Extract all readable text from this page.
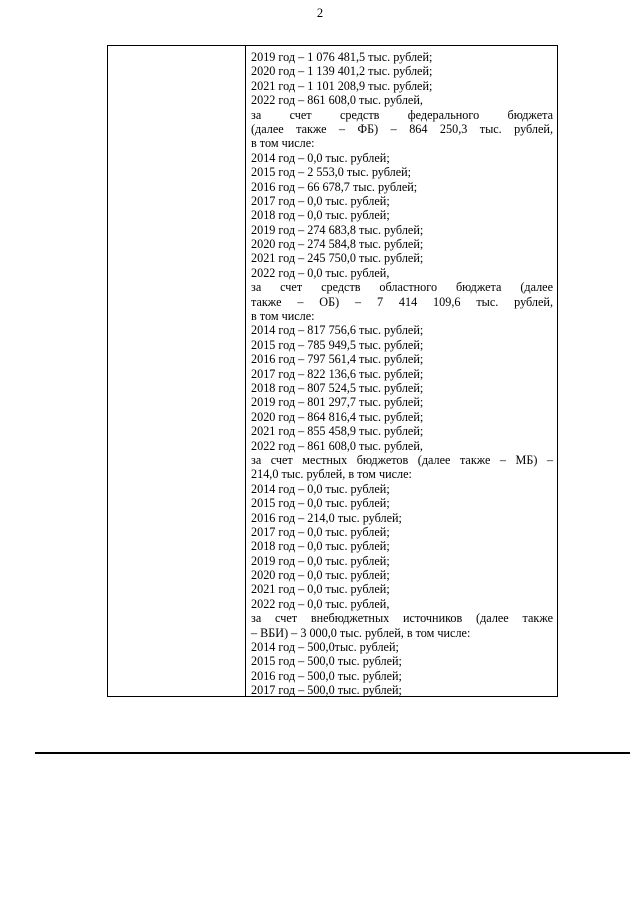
2
2019 год – 1 076 481,5 тыс. рублей;
2020 год – 1 139 401,2 тыс. рублей;
2021 год – 1 101 208,9 тыс. рублей;
2022 год – 861 608,0 тыс. рублей,
за счет средств федерального бюджета
(далее также – ФБ) – 864 250,3 тыс. рублей,
в том числе:
2014 год – 0,0 тыс. рублей;
2015 год – 2 553,0 тыс. рублей;
2016 год – 66 678,7 тыс. рублей;
2017 год – 0,0 тыс. рублей;
2018 год – 0,0 тыс. рублей;
2019 год – 274 683,8 тыс. рублей;
2020 год – 274 584,8 тыс. рублей;
2021 год – 245 750,0 тыс. рублей;
2022 год – 0,0 тыс. рублей,
за счет средств областного бюджета (далее
также – ОБ) – 7 414 109,6 тыс. рублей,
в том числе:
2014 год – 817 756,6 тыс. рублей;
2015 год – 785 949,5 тыс. рублей;
2016 год – 797 561,4 тыс. рублей;
2017 год – 822 136,6 тыс. рублей;
2018 год – 807 524,5 тыс. рублей;
2019 год – 801 297,7 тыс. рублей;
2020 год – 864 816,4 тыс. рублей;
2021 год – 855 458,9 тыс. рублей;
2022 год – 861 608,0 тыс. рублей,
за счет местных бюджетов (далее также – МБ) –
214,0 тыс. рублей, в том числе:
2014 год – 0,0 тыс. рублей;
2015 год – 0,0 тыс. рублей;
2016 год – 214,0 тыс. рублей;
2017 год – 0,0 тыс. рублей;
2018 год – 0,0 тыс. рублей;
2019 год – 0,0 тыс. рублей;
2020 год – 0,0 тыс. рублей;
2021 год – 0,0 тыс. рублей;
2022 год – 0,0 тыс. рублей,
за счет внебюджетных источников (далее также
– ВБИ) – 3 000,0 тыс. рублей, в том числе:
2014 год – 500,0тыс. рублей;
2015 год – 500,0 тыс. рублей;
2016 год – 500,0 тыс. рублей;
2017 год – 500,0 тыс. рублей;
